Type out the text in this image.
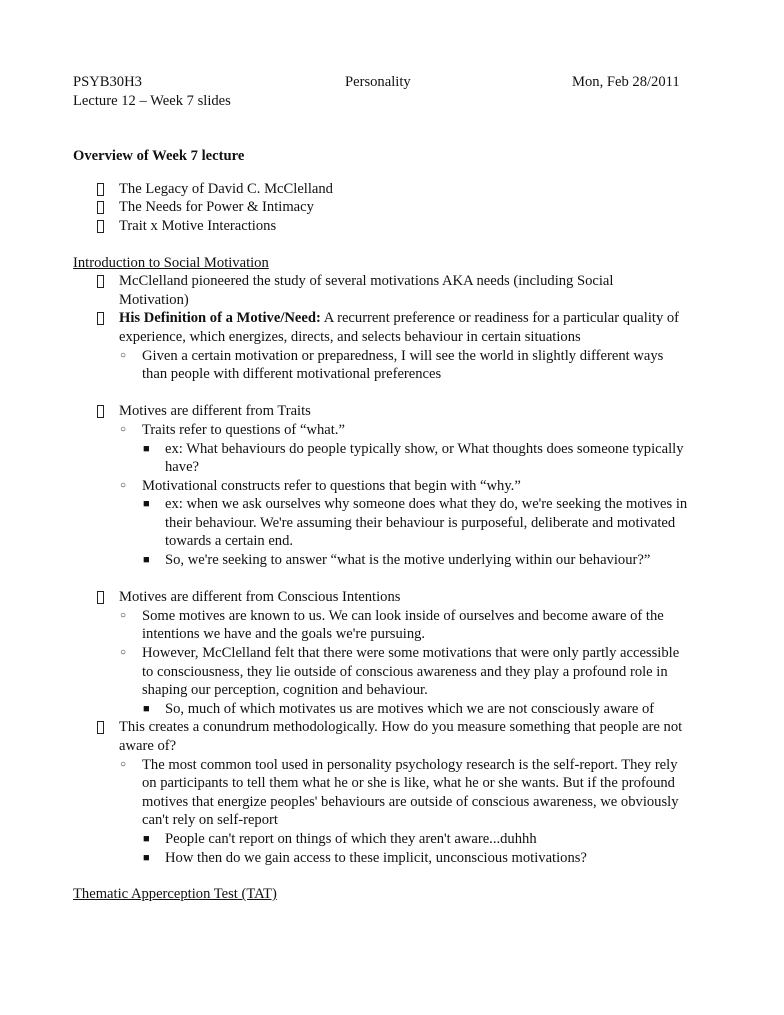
PSYB30H3	Personality	Mon, Feb 28/2011
Lecture 12 – Week 7 slides
Overview of Week 7 lecture
The Legacy of David C. McClelland
The Needs for Power & Intimacy
Trait x Motive Interactions
Introduction to Social Motivation
McClelland pioneered the study of several motivations AKA needs (including Social
Motivation)
His Definition of a Motive/Need: A recurrent preference or readiness for a particular quality of
experience, which energizes, directs, and selects behaviour in certain situations
○ Given a certain motivation or preparedness, I will see the world in slightly different ways
than people with different motivational preferences
Motives are different from Traits
○ Traits refer to questions of “what.”
■ ex: What behaviours do people typically show, or What thoughts does someone typically
have?
○ Motivational constructs refer to questions that begin with “why.”
■ ex: when we ask ourselves why someone does what they do, we're seeking the motives in
their behaviour. We're assuming their behaviour is purposeful, deliberate and motivated
towards a certain end.
■ So, we're seeking to answer “what is the motive underlying within our behaviour?”
Motives are different from Conscious Intentions
○ Some motives are known to us. We can look inside of ourselves and become aware of the
intentions we have and the goals we're pursuing.
○ However, McClelland felt that there were some motivations that were only partly accessible
to consciousness, they lie outside of conscious awareness and they play a profound role in
shaping our perception, cognition and behaviour.
■ So, much of which motivates us are motives which we are not consciously aware of
This creates a conundrum methodologically. How do you measure something that people are not
aware of?
○ The most common tool used in personality psychology research is the self-report. They rely
on participants to tell them what he or she is like, what he or she wants. But if the profound
motives that energize peoples' behaviours are outside of conscious awareness, we obviously
can't rely on self-report
■ People can't report on things of which they aren't aware...duhhh
■ How then do we gain access to these implicit, unconscious motivations?
Thematic Apperception Test (TAT)
